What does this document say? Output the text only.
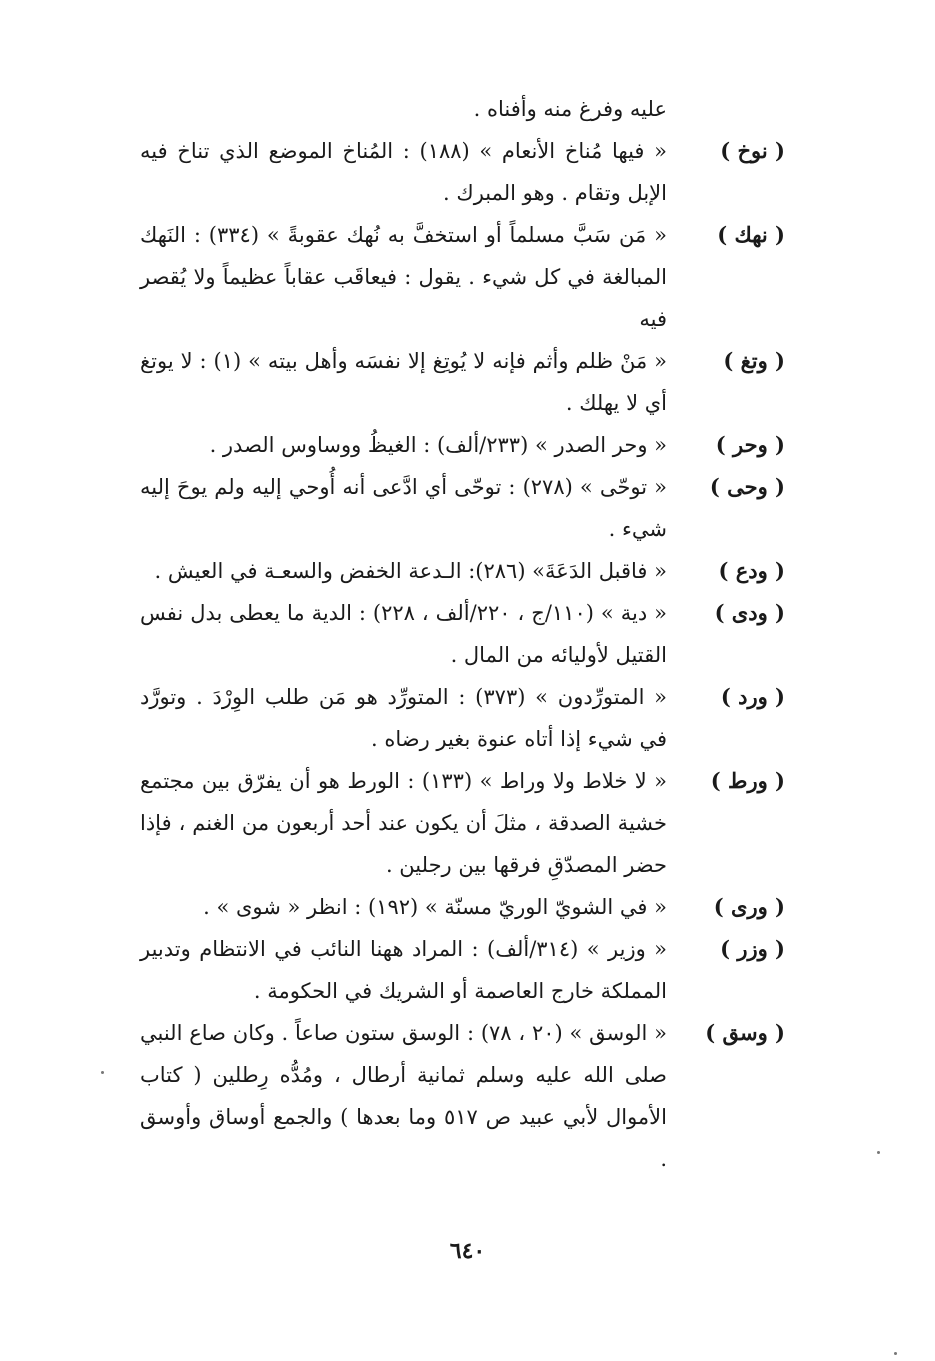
عليه وفرغ منه وأفناه .
( نوخ )
« فيها مُناخ الأنعام » (١٨٨) : المُناخ الموضع الذي تناخ فيه الإبل وتقام . وهو المبرك .
( نهك )
« مَن سَبَّ مسلماً أو استخفَّ به نُهك عقوبةً » (٣٣٤) : النَهك المبالغة في كل شيء . يقول : فيعاقَب عقاباً عظيماً ولا يُقصر فيه
( وتغ )
« مَنْ ظلم وأثم فإنه لا يُوتِغ إلا نفسَه وأهل بيته » (١) : لا يوتغ أي لا يهلك .
( وحر )
« وحر الصدر » (٢٣٣/ألف) : الغيظُ ووساوس الصدر .
( وحى )
« توحّى » (٢٧٨) : توحّى أي ادَّعى أنه أُوحي إليه ولم يوحَ إليه شيء .
( ودع )
« فاقبل الدَعَةَ» (٢٨٦): الـدعة الخفض والسعـة في العيش .
( ودى )
« دية » (١١٠/ج ، ٢٢٠/ألف ، ٢٢٨) : الدية ما يعطى بدل نفس القتيل لأوليائه من المال .
( ورد )
« المتورِّدون » (٣٧٣) : المتورِّد هو مَن طلب الوِرْدَ . وتورَّد في شيء إذا أتاه عنوة بغير رضاه .
( ورط )
« لا خلاط ولا وراط » (١٣٣) : الورط هو أن يفرّق بين مجتمع خشية الصدقة ، مثلَ أن يكون عند أحد أربعون من الغنم ، فإذا حضر المصدّقِ فرقها بين رجلين .
( ورى )
« في الشويّ الوريّ مسنّة » (١٩٢) : انظر « شوى » .
( وزر )
« وزير » (٣١٤/ألف) : المراد ههنا النائب في الانتظام وتدبير المملكة خارج العاصمة أو الشريك في الحكومة .
( وسق )
« الوسق » (٢٠ ، ٧٨) : الوسق ستون صاعاً . وكان صاع النبي صلى الله عليه وسلم ثمانية أرطال ، ومُدُّه رِطلين ( كتاب الأموال لأبي عبيد ص ٥١٧ وما بعدها ) والجمع أوساق وأوسق .
٦٤٠
